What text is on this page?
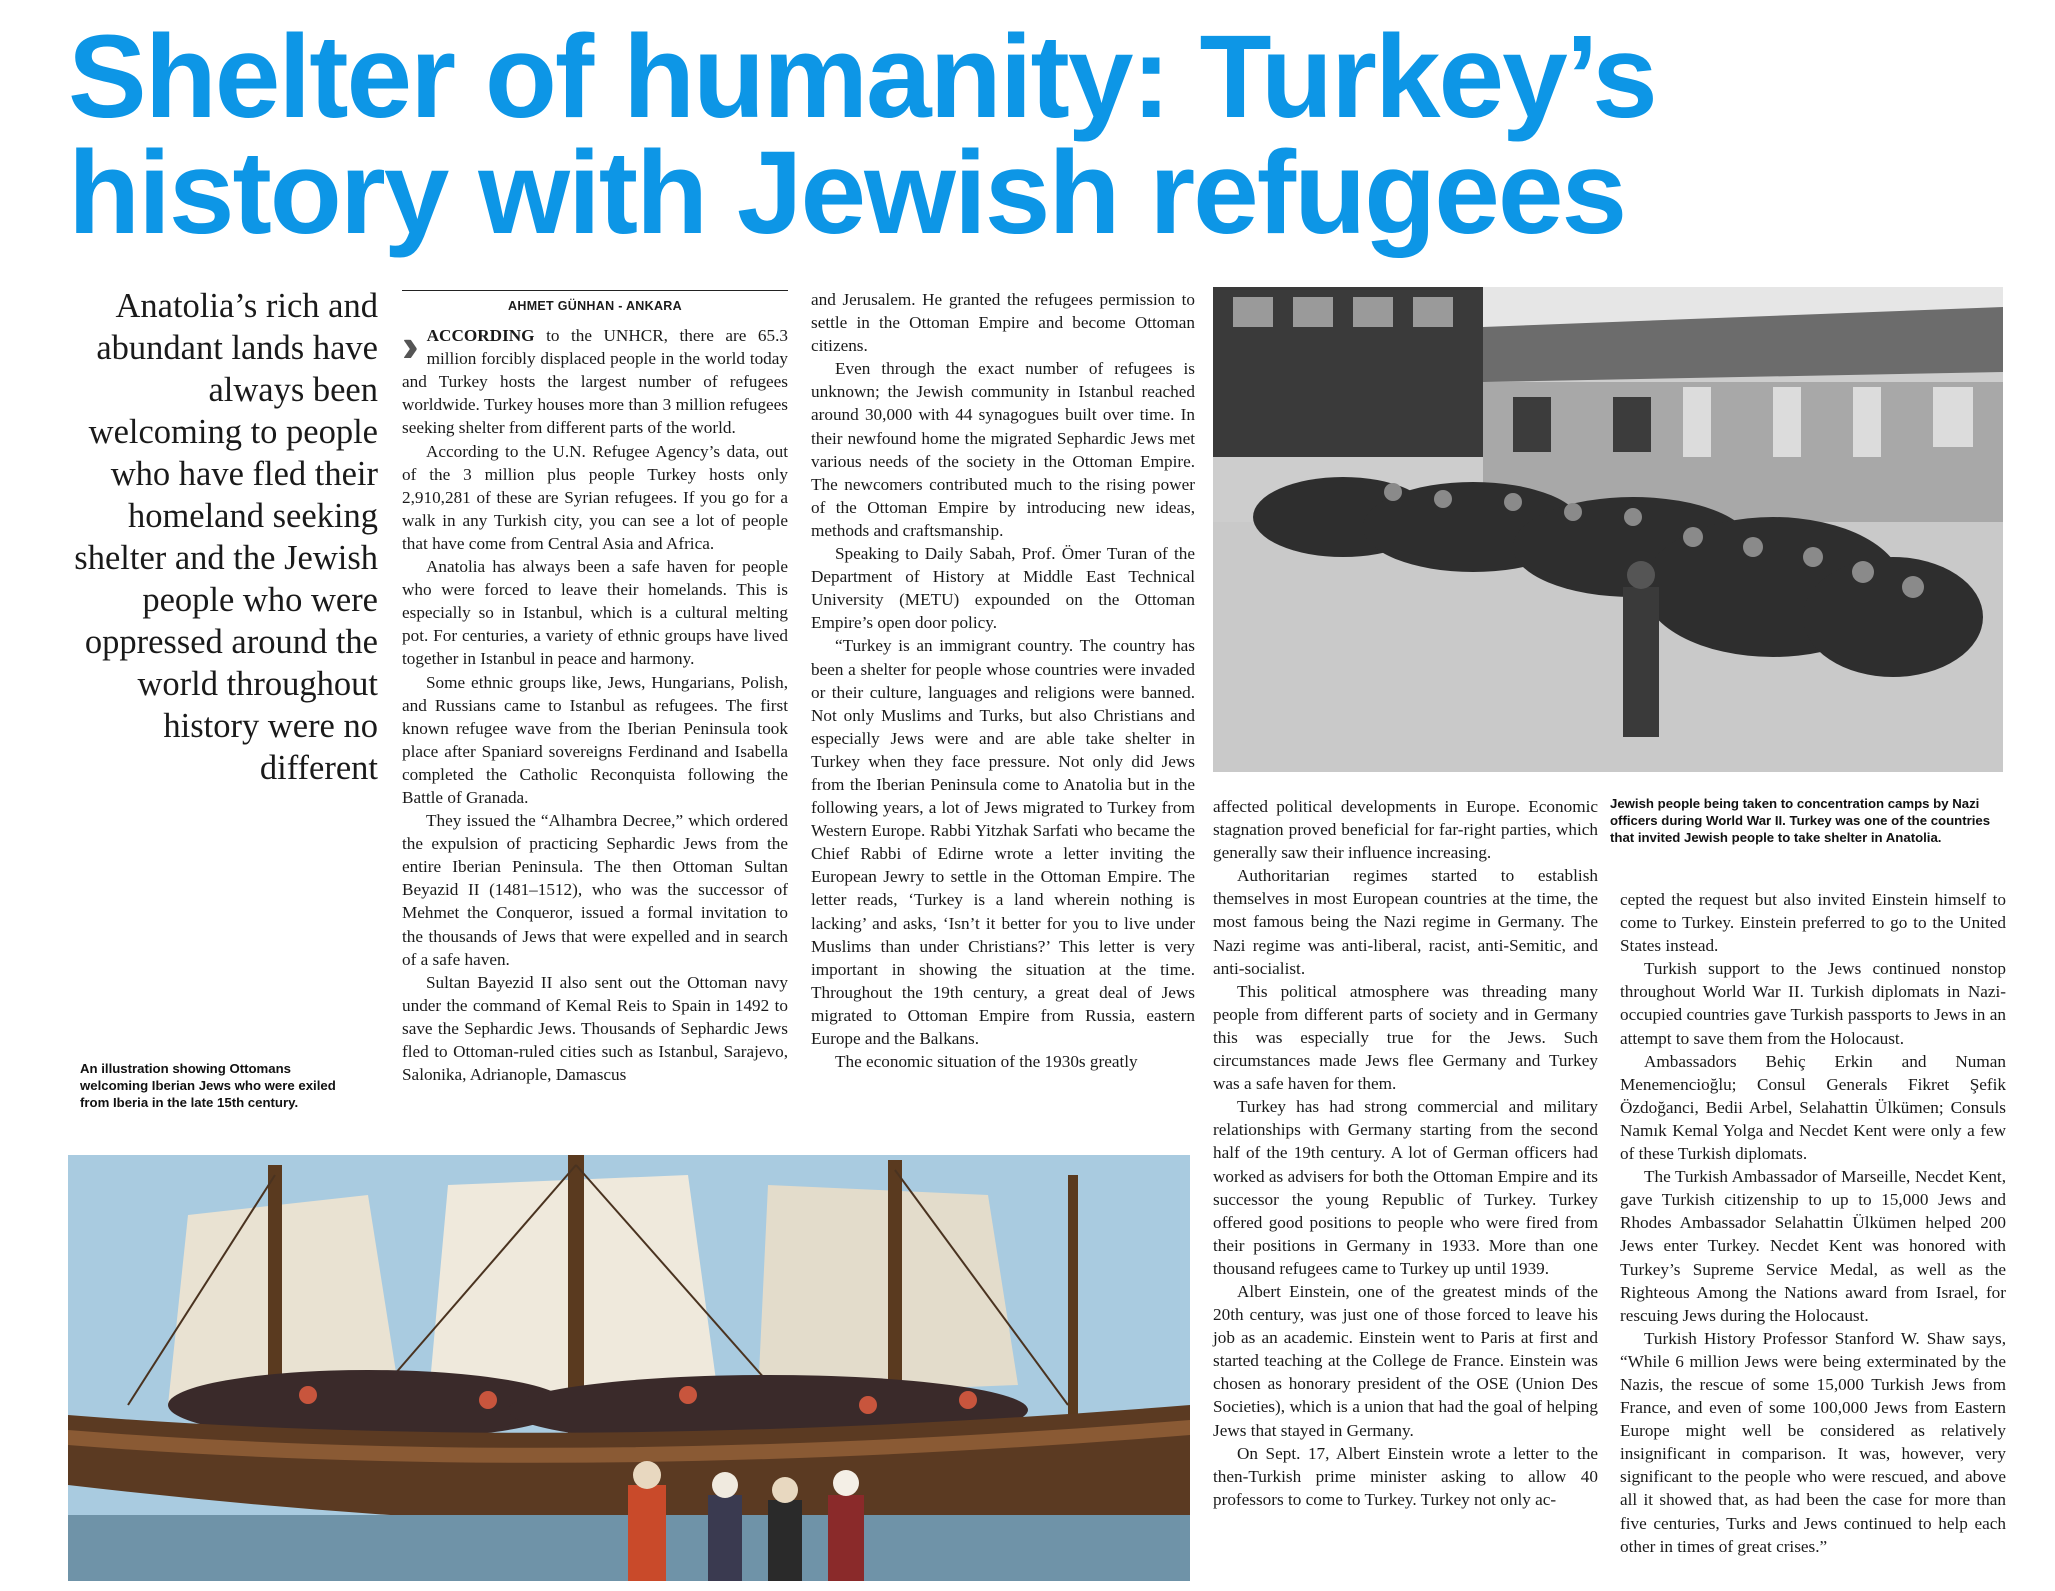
Shelter of humanity: Turkey’s
history with Jewish refugees

Anatolia’s rich and abundant lands have always been welcoming to people who have fled their homeland seeking shelter and the Jewish people who were oppressed around the world throughout history were no different

AHMET GÜNHAN - ANKARA

›› ACCORDING to the UNHCR, there are 65.3 million forcibly displaced people in the world today and Turkey hosts the largest number of refugees worldwide. Turkey houses more than 3 million refugees seeking shelter from different parts of the world.

According to the U.N. Refugee Agency’s data, out of the 3 million plus people Turkey hosts only 2,910,281 of these are Syrian refugees. If you go for a walk in any Turkish city, you can see a lot of people that have come from Central Asia and Africa.

Anatolia has always been a safe haven for people who were forced to leave their homelands. This is especially so in Istanbul, which is a cultural melting pot. For centuries, a variety of ethnic groups have lived together in Istanbul in peace and harmony.

Some ethnic groups like, Jews, Hungarians, Polish, and Russians came to Istanbul as refugees. The first known refugee wave from the Iberian Peninsula took place after Spaniard sovereigns Ferdinand and Isabella completed the Catholic Reconquista following the Battle of Granada.

They issued the “Alhambra Decree,” which ordered the expulsion of practicing Sephardic Jews from the entire Iberian Peninsula. The then Ottoman Sultan Beyazid II (1481–1512), who was the successor of Mehmet the Conqueror, issued a formal invitation to the thousands of Jews that were expelled and in search of a safe haven.

Sultan Bayezid II also sent out the Ottoman navy under the command of Kemal Reis to Spain in 1492 to save the Sephardic Jews. Thousands of Sephardic Jews fled to Ottoman-ruled cities such as Istanbul, Sarajevo, Salonika, Adrianople, Damascus

and Jerusalem. He granted the refugees permission to settle in the Ottoman Empire and become Ottoman citizens.

Even through the exact number of refugees is unknown; the Jewish community in Istanbul reached around 30,000 with 44 synagogues built over time. In their newfound home the migrated Sephardic Jews met various needs of the society in the Ottoman Empire. The newcomers contributed much to the rising power of the Ottoman Empire by introducing new ideas, methods and craftsmanship.

Speaking to Daily Sabah, Prof. Ömer Turan of the Department of History at Middle East Technical University (METU) expounded on the Ottoman Empire’s open door policy.

“Turkey is an immigrant country. The country has been a shelter for people whose countries were invaded or their culture, languages and religions were banned. Not only Muslims and Turks, but also Christians and especially Jews were and are able take shelter in Turkey when they face pressure. Not only did Jews from the Iberian Peninsula come to Anatolia but in the following years, a lot of Jews migrated to Turkey from Western Europe. Rabbi Yitzhak Sarfati who became the Chief Rabbi of Edirne wrote a letter inviting the European Jewry to settle in the Ottoman Empire. The letter reads, ‘Turkey is a land wherein nothing is lacking’ and asks, ‘Isn’t it better for you to live under Muslims than under Christians?’ This letter is very important in showing the situation at the time. Throughout the 19th century, a great deal of Jews migrated to Ottoman Empire from Russia, eastern Europe and the Balkans.

The economic situation of the 1930s greatly

Jewish people being taken to concentration camps by Nazi officers during World War II. Turkey was one of the countries that invited Jewish people to take shelter in Anatolia.

affected political developments in Europe. Economic stagnation proved beneficial for far-right parties, which generally saw their influence increasing.

Authoritarian regimes started to establish themselves in most European countries at the time, the most famous being the Nazi regime in Germany. The Nazi regime was anti-liberal, racist, anti-Semitic, and anti-socialist.

This political atmosphere was threading many people from different parts of society and in Germany this was especially true for the Jews. Such circumstances made Jews flee Germany and Turkey was a safe haven for them.

Turkey has had strong commercial and military relationships with Germany starting from the second half of the 19th century. A lot of German officers had worked as advisers for both the Ottoman Empire and its successor the young Republic of Turkey. Turkey offered good positions to people who were fired from their positions in Germany in 1933. More than one thousand refugees came to Turkey up until 1939.

Albert Einstein, one of the greatest minds of the 20th century, was just one of those forced to leave his job as an academic. Einstein went to Paris at first and started teaching at the College de France. Einstein was chosen as honorary president of the OSE (Union Des Societies), which is a union that had the goal of helping Jews that stayed in Germany.

On Sept. 17, Albert Einstein wrote a letter to the then-Turkish prime minister asking to allow 40 professors to come to Turkey. Turkey not only ac-

cepted the request but also invited Einstein himself to come to Turkey. Einstein preferred to go to the United States instead.

Turkish support to the Jews continued nonstop throughout World War II. Turkish diplomats in Nazi-occupied countries gave Turkish passports to Jews in an attempt to save them from the Holocaust.

Ambassadors Behiç Erkin and Numan Menemencioğlu; Consul Generals Fikret Şefik Özdoğanci, Bedii Arbel, Selahattin Ülkümen; Consuls Namık Kemal Yolga and Necdet Kent were only a few of these Turkish diplomats.

The Turkish Ambassador of Marseille, Necdet Kent, gave Turkish citizenship to up to 15,000 Jews and Rhodes Ambassador Selahattin Ülkümen helped 200 Jews enter Turkey. Necdet Kent was honored with Turkey’s Supreme Service Medal, as well as the Righteous Among the Nations award from Israel, for rescuing Jews during the Holocaust.

Turkish History Professor Stanford W. Shaw says, “While 6 million Jews were being exterminated by the Nazis, the rescue of some 15,000 Turkish Jews from France, and even of some 100,000 Jews from Eastern Europe might well be considered as relatively insignificant in comparison. It was, however, very significant to the people who were rescued, and above all it showed that, as had been the case for more than five centuries, Turks and Jews continued to help each other in times of great crises.”

An illustration showing Ottomans welcoming Iberian Jews who were exiled from Iberia in the late 15th century.
